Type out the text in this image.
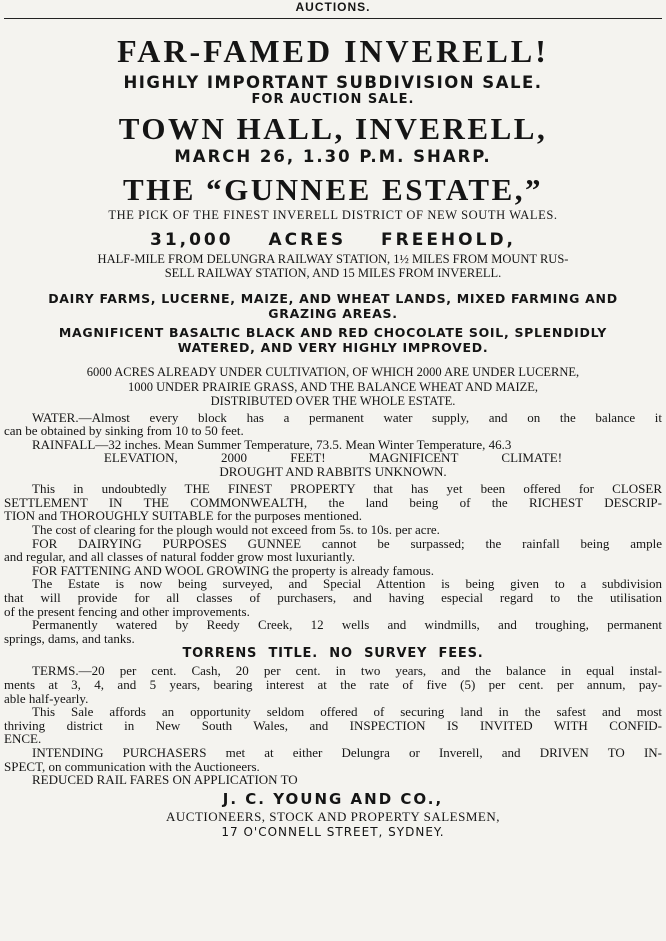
AUCTIONS.

FAR-FAMED INVERELL!

HIGHLY IMPORTANT SUBDIVISION SALE.

FOR AUCTION SALE.

TOWN HALL, INVERELL,

MARCH 26, 1.30 P.M. SHARP.

THE “GUNNEE ESTATE,”

THE PICK OF THE FINEST INVERELL DISTRICT OF NEW SOUTH WALES.

31,000 ACRES FREEHOLD,

HALF-MILE FROM DELUNGRA RAILWAY STATION, 1½ MILES FROM MOUNT RUS-
SELL RAILWAY STATION, AND 15 MILES FROM INVERELL.

DAIRY FARMS, LUCERNE, MAIZE, AND WHEAT LANDS, MIXED FARMING AND
GRAZING AREAS.

MAGNIFICENT BASALTIC BLACK AND RED CHOCOLATE SOIL, SPLENDIDLY
WATERED, AND VERY HIGHLY IMPROVED.

6000 ACRES ALREADY UNDER CULTIVATION, OF WHICH 2000 ARE UNDER LUCERNE,
1000 UNDER PRAIRIE GRASS, AND THE BALANCE WHEAT AND MAIZE,
DISTRIBUTED OVER THE WHOLE ESTATE.

WATER.—Almost every block has a permanent water supply, and on the balance it
can be obtained by sinking from 10 to 50 feet.

RAINFALL—32 inches. Mean Summer Temperature, 73.5. Mean Winter Temperature, 46.3

ELEVATION, 2000 FEET! MAGNIFICENT CLIMATE!

DROUGHT AND RABBITS UNKNOWN.

This in undoubtedly THE FINEST PROPERTY that has yet been offered for CLOSER
SETTLEMENT IN THE COMMONWEALTH, the land being of the RICHEST DESCRIP-
TION and THOROUGHLY SUITABLE for the purposes mentioned.

The cost of clearing for the plough would not exceed from 5s. to 10s. per acre.

FOR DAIRYING PURPOSES GUNNEE cannot be surpassed; the rainfall being ample
and regular, and all classes of natural fodder grow most luxuriantly.

FOR FATTENING AND WOOL GROWING the property is already famous.

The Estate is now being surveyed, and Special Attention is being given to a subdivision
that will provide for all classes of purchasers, and having especial regard to the utilisation
of the present fencing and other improvements.

Permanently watered by Reedy Creek, 12 wells and windmills, and troughing, permanent
springs, dams, and tanks.

TORRENS TITLE. NO SURVEY FEES.

TERMS.—20 per cent. Cash, 20 per cent. in two years, and the balance in equal instal-
ments at 3, 4, and 5 years, bearing interest at the rate of five (5) per cent. per annum, pay-
able half-yearly.

This Sale affords an opportunity seldom offered of securing land in the safest and most
thriving district in New South Wales, and INSPECTION IS INVITED WITH CONFID-
ENCE.

INTENDING PURCHASERS met at either Delungra or Inverell, and DRIVEN TO IN-
SPECT, on communication with the Auctioneers.

REDUCED RAIL FARES ON APPLICATION TO

J. C. YOUNG AND CO.,

AUCTIONEERS, STOCK AND PROPERTY SALESMEN,

17 O'CONNELL STREET, SYDNEY.
